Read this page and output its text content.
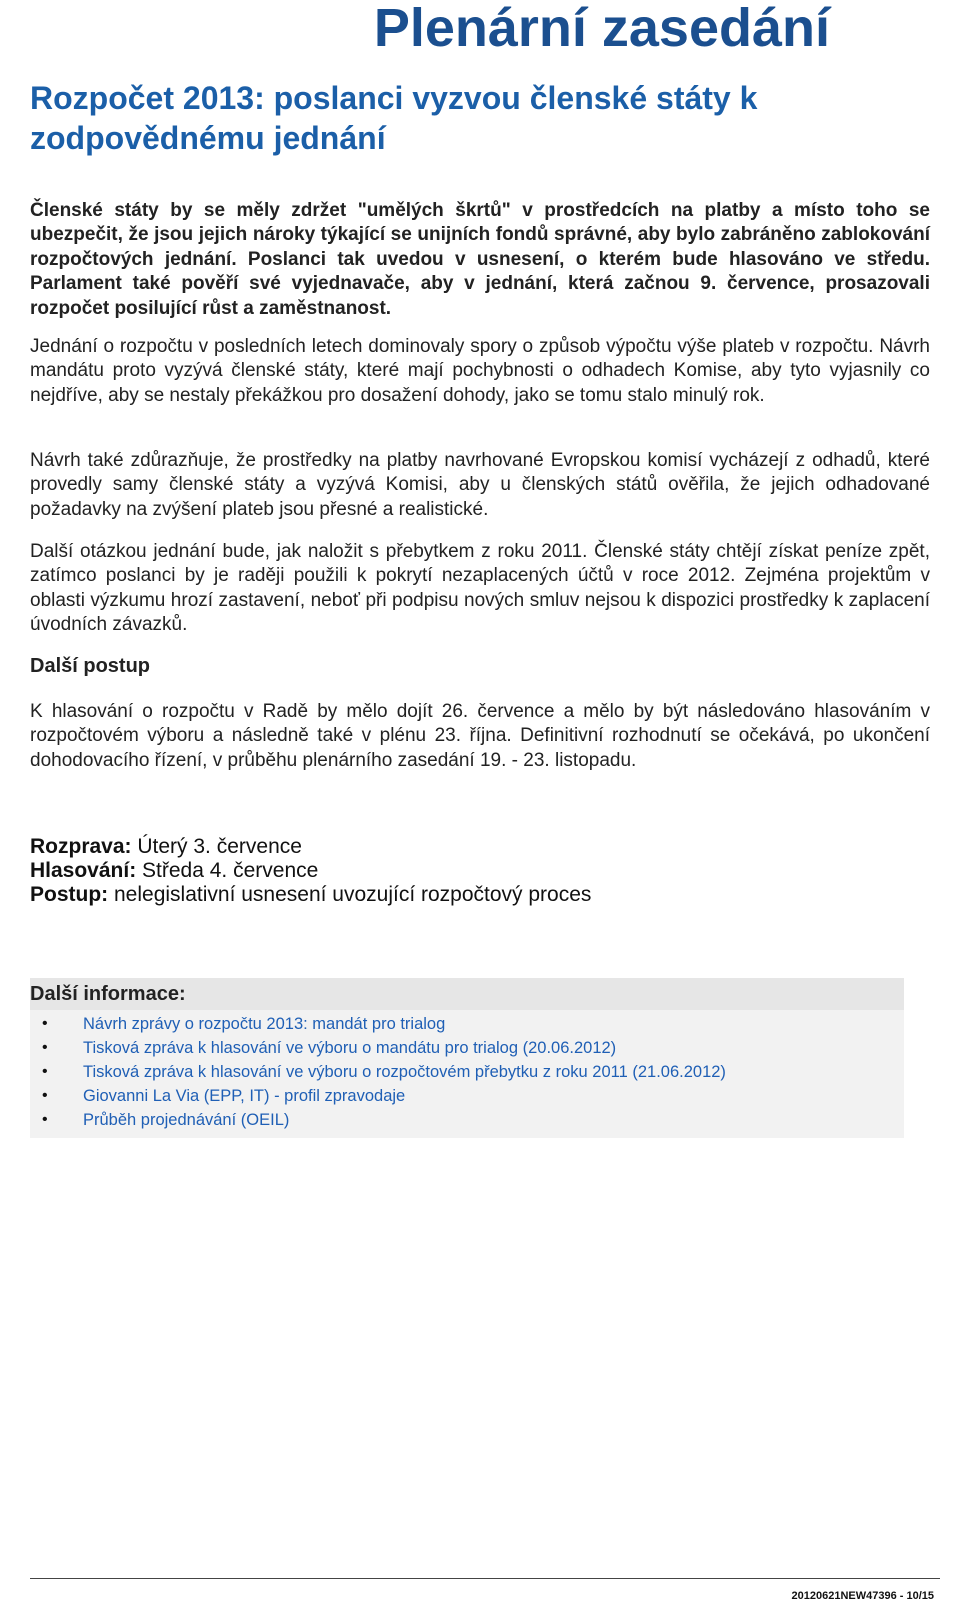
Plenární zasedání
Rozpočet 2013: poslanci vyzvou členské státy k zodpovědnému jednání

Členské státy by se měly zdržet "umělých škrtů" v prostředcích na platby a místo toho se ubezpečit, že jsou jejich nároky týkající se unijních fondů správné, aby bylo zabráněno zablokování rozpočtových jednání. Poslanci tak uvedou v usnesení, o kterém bude hlasováno ve středu. Parlament také pověří své vyjednavače, aby v jednání, která začnou 9. července, prosazovali rozpočet posilující růst a zaměstnanost.

Jednání o rozpočtu v posledních letech dominovaly spory o způsob výpočtu výše plateb v rozpočtu. Návrh mandátu proto vyzývá členské státy, které mají pochybnosti o odhadech Komise, aby tyto vyjasnily co nejdříve, aby se nestaly překážkou pro dosažení dohody, jako se tomu stalo minulý rok.

Návrh také zdůrazňuje, že prostředky na platby navrhované Evropskou komisí vycházejí z odhadů, které provedly samy členské státy a vyzývá Komisi, aby u členských států ověřila, že jejich odhadované požadavky na zvýšení plateb jsou přesné a realistické.

Další otázkou jednání bude, jak naložit s přebytkem z roku 2011. Členské státy chtějí získat peníze zpět, zatímco poslanci by je raději použili k pokrytí nezaplacených účtů v roce 2012. Zejména projektům v oblasti výzkumu hrozí zastavení, neboť při podpisu nových smluv nejsou k dispozici prostředky k zaplacení úvodních závazků.

Další postup

K hlasování o rozpočtu v Radě by mělo dojít 26. července a mělo by být následováno hlasováním v rozpočtovém výboru a následně také v plénu 23. října. Definitivní rozhodnutí se očekává, po ukončení dohodovacího řízení, v průběhu plenárního zasedání 19. - 23. listopadu.

Rozprava: Úterý 3. července
Hlasování: Středa 4. července
Postup: nelegislativní usnesení uvozující rozpočtový proces
Další informace:
• Návrh zprávy o rozpočtu 2013: mandát pro trialog
• Tisková zpráva k hlasování ve výboru o mandátu pro trialog (20.06.2012)
• Tisková zpráva k hlasování ve výboru o rozpočtovém přebytku z roku 2011 (21.06.2012)
• Giovanni La Via (EPP, IT) - profil zpravodaje
• Průběh projednávání (OEIL)
20120621NEW47396 - 10/15
